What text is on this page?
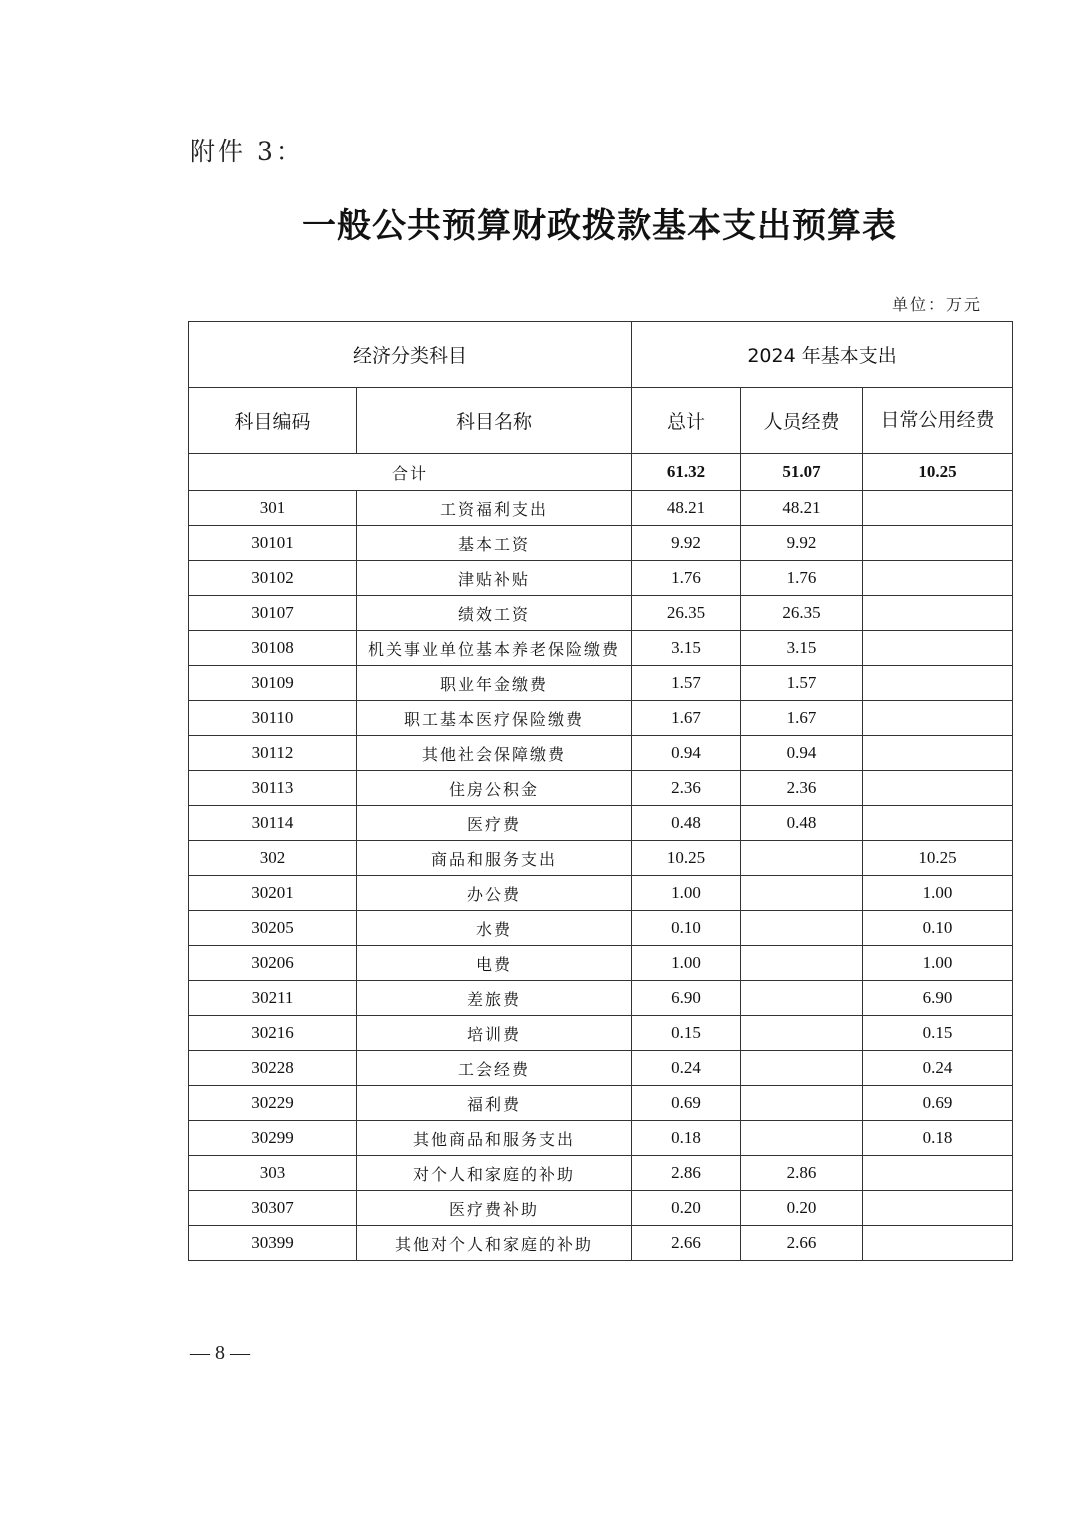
附件 3：
一般公共预算财政拨款基本支出预算表
单位：万元
经济分类科目		2024 年基本支出		
科目编码	科目名称	总计	人员经费	日常公用经费
合计		61.32	51.07	10.25
301	工资福利支出	48.21	48.21	
30101	基本工资	9.92	9.92	
30102	津贴补贴	1.76	1.76	
30107	绩效工资	26.35	26.35	
30108	机关事业单位基本养老保险缴费	3.15	3.15	
30109	职业年金缴费	1.57	1.57	
30110	职工基本医疗保险缴费	1.67	1.67	
30112	其他社会保障缴费	0.94	0.94	
30113	住房公积金	2.36	2.36	
30114	医疗费	0.48	0.48	
302	商品和服务支出	10.25		10.25
30201	办公费	1.00		1.00
30205	水费	0.10		0.10
30206	电费	1.00		1.00
30211	差旅费	6.90		6.90
30216	培训费	0.15		0.15
30228	工会经费	0.24		0.24
30229	福利费	0.69		0.69
30299	其他商品和服务支出	0.18		0.18
303	对个人和家庭的补助	2.86	2.86	
30307	医疗费补助	0.20	0.20	
30399	其他对个人和家庭的补助	2.66	2.66	
— 8 —
